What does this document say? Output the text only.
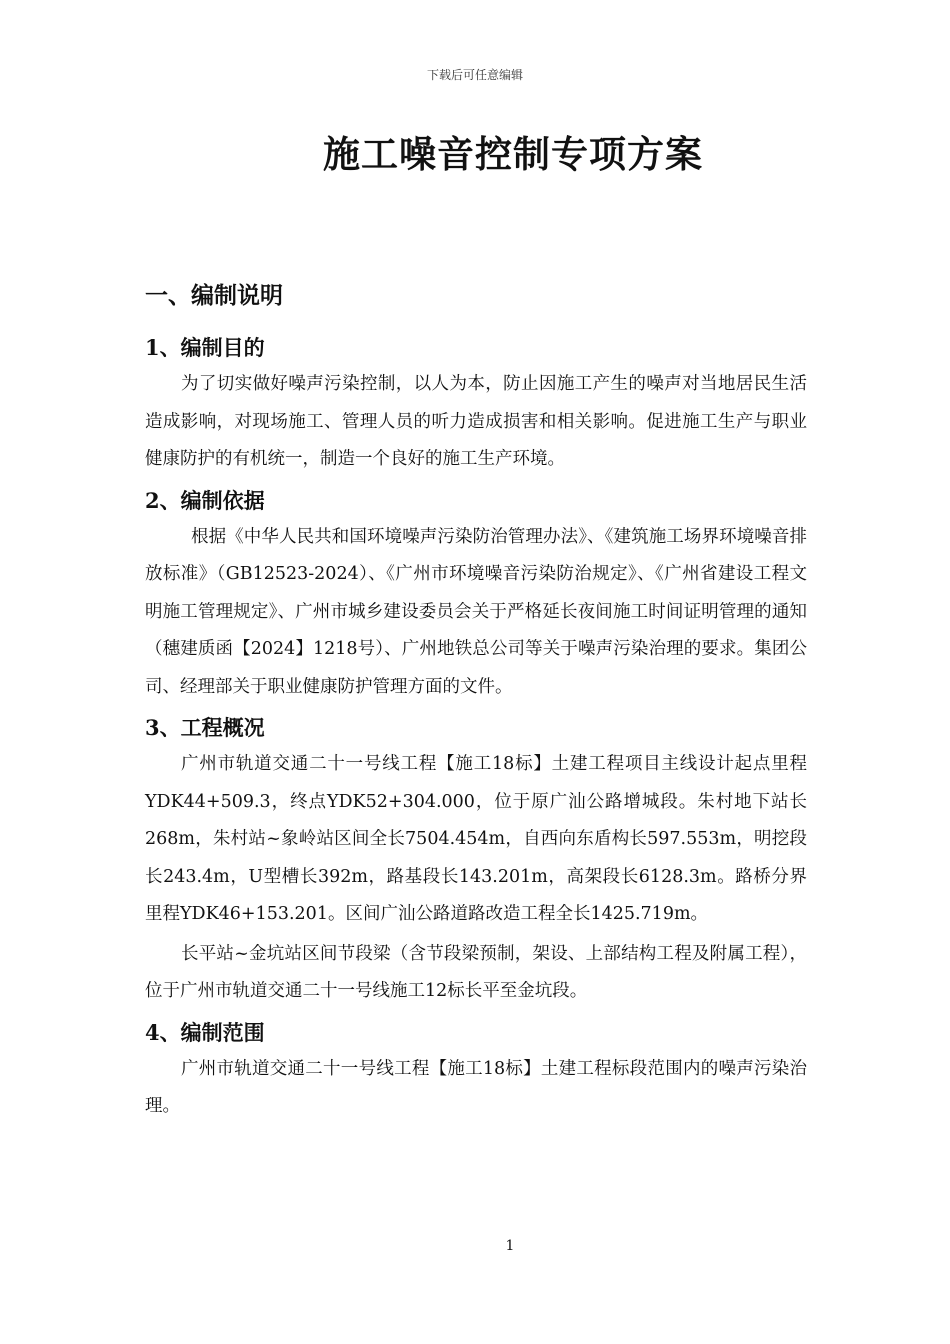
下载后可任意编辑
施工噪音控制专项方案
一、编制说明
1、编制目的

为了切实做好噪声污染控制，以人为本，防止因施工产生的噪声对当地居民生活造成影响，对现场施工、管理人员的听力造成损害和相关影响。促进施工生产与职业健康防护的有机统一，制造一个良好的施工生产环境。

2、编制依据

根据《中华人民共和国环境噪声污染防治管理办法》、《建筑施工场界环境噪音排放标准》（GB12523-2024）、《广州市环境噪音污染防治规定》、《广州省建设工程文明施工管理规定》、广州市城乡建设委员会关于严格延长夜间施工时间证明管理的通知（穗建质函【2024】1218号）、广州地铁总公司等关于噪声污染治理的要求。集团公司、经理部关于职业健康防护管理方面的文件。

3、工程概况

广州市轨道交通二十一号线工程【施工18标】土建工程项目主线设计起点里程YDK44+509.3，终点YDK52+304.000，位于原广汕公路增城段。朱村地下站长268m，朱村站~象岭站区间全长7504.454m，自西向东盾构长597.553m，明挖段长243.4m，U型槽长392m，路基段长143.201m，高架段长6128.3m。路桥分界里程YDK46+153.201。区间广汕公路道路改造工程全长1425.719m。

长平站~金坑站区间节段梁（含节段梁预制，架设、上部结构工程及附属工程），位于广州市轨道交通二十一号线施工12标长平至金坑段。

4、编制范围

广州市轨道交通二十一号线工程【施工18标】土建工程标段范围内的噪声污染治理。

1
